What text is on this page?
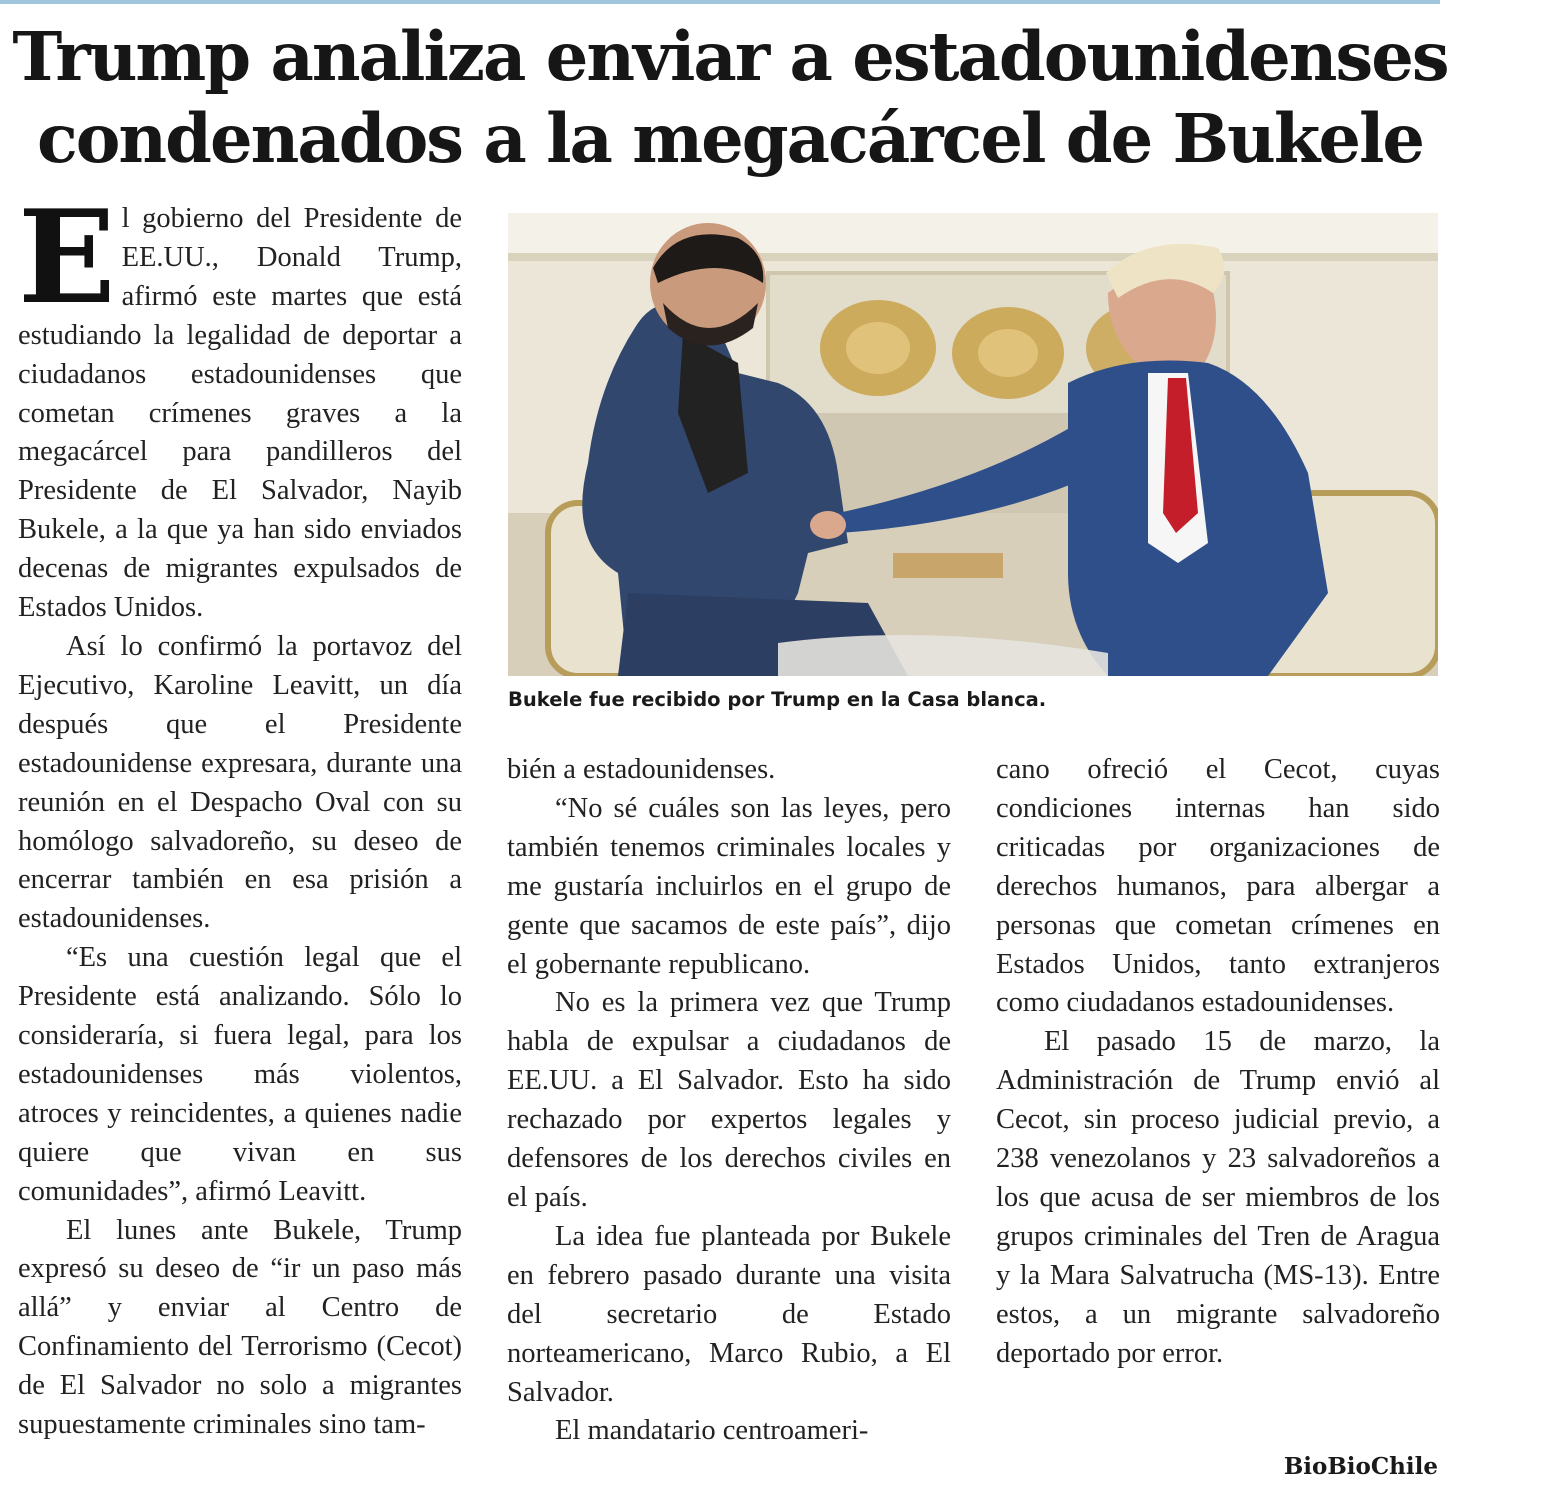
Trump analiza enviar a estadounidenses condenados a la megacárcel de Bukele

El gobierno del Presidente de EE.UU., Donald Trump, afirmó este martes que está estudiando la legalidad de deportar a ciudadanos estadounidenses que cometan crímenes graves a la megacárcel para pandilleros del Presidente de El Salvador, Nayib Bukele, a la que ya han sido enviados decenas de migrantes expulsados de Estados Unidos.

Así lo confirmó la portavoz del Ejecutivo, Karoline Leavitt, un día después que el Presidente estadounidense expresara, durante una reunión en el Despacho Oval con su homólogo salvadoreño, su deseo de encerrar también en esa prisión a estadounidenses.

“Es una cuestión legal que el Presidente está analizando. Sólo lo consideraría, si fuera legal, para los estadounidenses más violentos, atroces y reincidentes, a quienes nadie quiere que vivan en sus comunidades”, afirmó Leavitt.

El lunes ante Bukele, Trump expresó su deseo de “ir un paso más allá” y enviar al Centro de Confinamiento del Terrorismo (Cecot) de El Salvador no solo a migrantes supuestamente criminales sino tam-

Bukele fue recibido por Trump en la Casa blanca.

bién a estadounidenses.

“No sé cuáles son las leyes, pero también tenemos criminales locales y me gustaría incluirlos en el grupo de gente que sacamos de este país”, dijo el gobernante republicano.

No es la primera vez que Trump habla de expulsar a ciudadanos de EE.UU. a El Salvador. Esto ha sido rechazado por expertos legales y defensores de los derechos civiles en el país.

La idea fue planteada por Bukele en febrero pasado durante una visita del secretario de Estado norteamericano, Marco Rubio, a El Salvador.

El mandatario centroameri-

cano ofreció el Cecot, cuyas condiciones internas han sido criticadas por organizaciones de derechos humanos, para albergar a personas que cometan crímenes en Estados Unidos, tanto extranjeros como ciudadanos estadounidenses.

El pasado 15 de marzo, la Administración de Trump envió al Cecot, sin proceso judicial previo, a 238 venezolanos y 23 salvadoreños a los que acusa de ser miembros de los grupos criminales del Tren de Aragua y la Mara Salvatrucha (MS-13). Entre estos, a un migrante salvadoreño deportado por error.

BioBioChile
